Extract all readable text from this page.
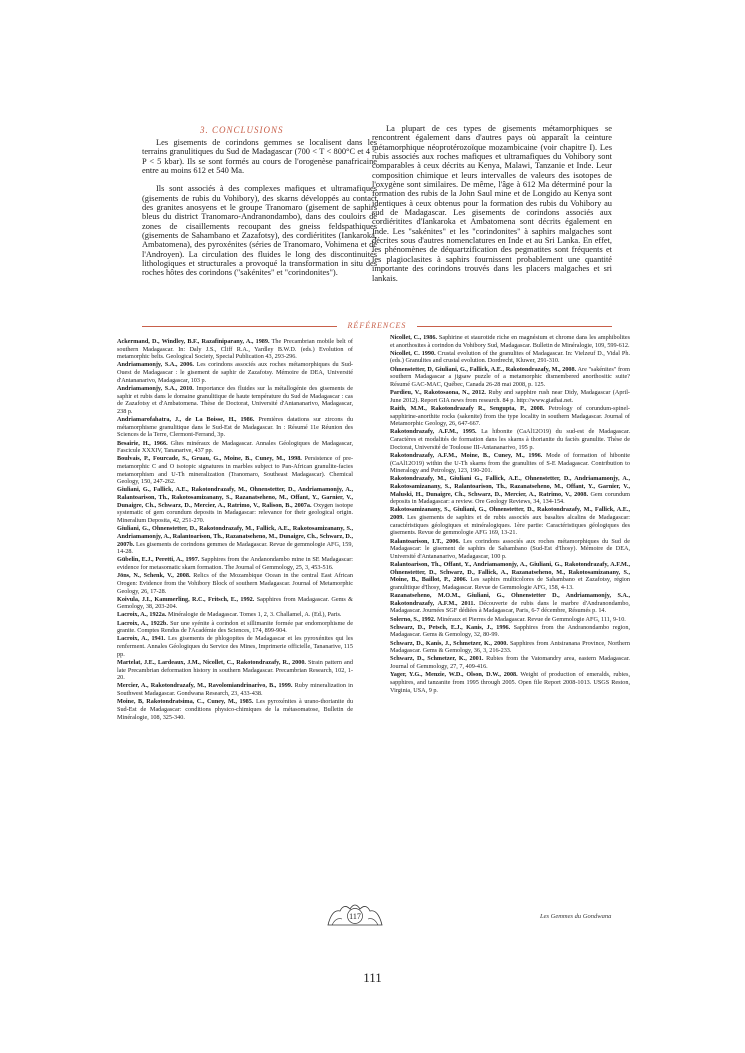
3. CONCLUSIONS

Les gisements de corindons gemmes se localisent dans les terrains granulitiques du Sud de Madagascar (700 < T < 800°C et 4 < P < 5 kbar). Ils se sont formés au cours de l'orogenèse panafricaine entre au moins 612 et 540 Ma.

Ils sont associés à des complexes mafiques et ultramafiques (gisements de rubis du Vohibory), des skarns développés au contact des granites anosyens et le groupe Tranomaro (gisement de saphirs bleus du district Tranomaro-Andranondambo), dans des couloirs de zones de cisaillements recoupant des gneiss feldspathiques (gisements de Sahambano et Zazafotsy), des cordiéritites (Iankaroka, Ambatomena), des pyroxénites (séries de Tranomaro, Vohimena et de l'Androyen). La circulation des fluides le long des discontinuités lithologiques et structurales a provoqué la transformation in situ des roches hôtes des corindons ("sakénites" et "corindonites").

La plupart de ces types de gisements métamorphiques se rencontrent également dans d'autres pays où apparaît la ceinture métamorphique néoprotérozoïque mozambicaine (voir chapitre I). Les rubis associés aux roches mafiques et ultramafiques du Vohibory sont comparables à ceux décrits au Kenya, Malawi, Tanzanie et Inde. Leur composition chimique et leurs intervalles de valeurs des isotopes de l'oxygène sont similaires. De même, l'âge à 612 Ma déterminé pour la formation des rubis de la John Saul mine et de Longido au Kenya sont identiques à ceux obtenus pour la formation des rubis du Vohibory au sud de Madagascar. Les gisements de corindons associés aux cordiéritites d'Iankaroka et Ambatomena sont décrits également en Inde. Les "sakénites" et les "corindonites" à saphirs malgaches sont décrites sous d'autres nomenclatures en Inde et au Sri Lanka. En effet, les phénomènes de déquartzification des pegmatites sont fréquents et les plagioclasites à saphirs fournissent probablement une quantité importante des corindons trouvés dans les placers malgaches et sri lankais.

RÉFÉRENCES
Ackermand, D., Windley, B.F., Razafiniparany, A., 1989. The Precambrian mobile belt of southern Madagascar. In: Daly J.S., Cliff R.A., Yardley B.W.D. (eds.) Evolution of metamorphic belts. Geological Society, Special Publication 43, 293-296.
Andriamamonjy, S.A., 2006. Les corindons associés aux roches métamorphiques du Sud-Ouest de Madagascar : le gisement de saphir de Zazafotsy. Mémoire de DEA, Université d'Antananarivo, Madagascar, 103 p.
Andriamamonjy, S.A., 2010. Importance des fluides sur la métallogénie des gisements de saphir et rubis dans le domaine granulitique de haute température du Sud de Madagascar : cas de Zazafotsy et d'Ambatomena. Thèse de Doctorat, Université d'Antananarivo, Madagascar, 238 p.
Andriamarofahatra, J., de La Boisse, H., 1986. Premières datations sur zircons du métamorphisme granulitique dans le Sud-Est de Madagascar. In : Résumé 11e Réunion des Sciences de la Terre, Clermont-Ferrand, 3p.
Besairie, H., 1966. Gîtes minéraux de Madagascar. Annales Géologiques de Madagascar, Fascicule XXXIV, Tananarive, 437 pp.
Boulvais, P., Fourcade, S., Gruau, G., Moine, B., Cuney, M., 1998. Persistence of pre-metamorphic C and O isotopic signatures in marbles subject to Pan-African granulite-facies metamorphism and U-Th mineralization (Tranomaro, Southeast Madagascar). Chemical Geology, 150, 247-262.
Giuliani, G., Fallick, A.E., Rakotondrazafy, M., Ohnenstetter, D., Andriamamonjy, A., Ralantoarison, Th., Rakotosamizanany, S., Razanatseheno, M., Offant, Y., Garnier, V., Dunaigre, Ch., Schwarz, D., Mercier, A., Ratrimo, V., Ralison, B., 2007a. Oxygen isotope systematic of gem corundum deposits in Madagascar: relevance for their geological origin. Mineralium Deposita, 42, 251-270.
Giuliani, G., Ohnenstetter, D., Rakotondrazafy, M., Fallick, A.E., Rakotosamizanany, S., Andriamamonjy, A., Ralantoarison, Th., Razanatseheno, M., Dunaigre, Ch., Schwarz, D., 2007b. Les gisements de corindons gemmes de Madagascar. Revue de gemmologie AFG, 159, 14-28.
Gübelin, E.J., Peretti, A., 1997. Sapphires from the Andanondambo mine in SE Madagascar: evidence for metasomatic skarn formation. The Journal of Gemmology, 25, 3, 453-516.
Jöns, N., Schenk, V., 2008. Relics of the Mozambique Ocean in the central East African Orogen: Evidence from the Vohibory Block of southern Madagascar. Journal of Metamorphic Geology, 26, 17-28.
Koivula, J.I., Kammerling, R.C., Fritsch, E., 1992. Sapphires from Madagascar. Gems & Gemology, 38, 203-204.
Lacroix, A., 1922a. Minéralogie de Madagascar. Tomes 1, 2, 3. Challamel, A. (Ed.), Paris.
Lacroix, A., 1922b. Sur une syénite à corindon et sillimanite formée par endomorphisme de granite. Comptes Rendus de l'Académie des Sciences, 174, 899-904.
Lacroix, A., 1941. Les gisements de phlogopites de Madagascar et les pyroxénites qui les renferment. Annales Géologiques du Service des Mines, Imprimerie officielle, Tananarive, 115 pp.
Martelat, J.E., Lardeaux, J.M., Nicollet, C., Rakotondrazafy, R., 2000. Strain pattern and late Precambrian deformation history in southern Madagascar. Precambrian Research, 102, 1-20.
Mercier, A., Rakotondrazafy, M., Ravolomiandrinarivo, B., 1999. Ruby mineralization in Southwest Madagascar. Gondwana Research, 23, 433-438.
Moine, B, Rakotondratsima, C., Cuney, M., 1985. Les pyroxénites à urano-thorianite du Sud-Est de Madagascar: conditions physico-chimiques de la métasomatose, Bulletin de Minéralogie, 108, 325-340.
Nicollet, C., 1986. Saphirine et staurotide riche en magnésium et chrome dans les amphibolites et anorthosites à corindon du Vohibory Sud, Madagascar. Bulletin de Minéralogie, 109, 599-612.
Nicollet, C. 1990. Crustal evolution of the granulites of Madagascar. In: Vielzeuf D., Vidal Ph. (eds.) Granulites and crustal evolution. Dordrecht, Kluwer, 291-310.
Ohnenstetter, D, Giuliani, G., Fallick, A.E., Rakotondrazafy, M., 2008. Are "sakénites" from southern Madagascar a jigsaw puzzle of a metamorphic dismembered anorthositic suite? Résumé GAC-MAC, Québec, Canada 26-28 mai 2008, p. 125.
Pardieu, V., Rakotosaona, N., 2012. Ruby and sapphire rush near Didy, Madagascar (April-June 2012). Report GIA news from research. 84 p. http://www.giathai.net.
Raith, M.M., Rakotondrazafy R., Sengupta, P., 2008. Petrology of corundum-spinel-sapphirine-anorthite rocks (sakenite) from the type locality in southern Madagascar. Journal of Metamorphic Geology, 26, 647-667.
Rakotondrazafy, A.F.M., 1995. La hibonite (CaAl12O19) du sud-est de Madagascar. Caractères et modalités de formation dans les skarns à thorianite du faciès granulite. Thèse de Doctorat, Université de Toulouse III-Antananarivo, 195 p.
Rakotondrazafy, A.F.M., Moine, B., Cuney, M., 1996. Mode of formation of hibonite (CaAl12O19) within the U-Th skarns from the granulites of S-E Madagascar. Contribution to Mineralogy and Petrology, 123, 190-201.
Rakotondrazafy, M., Giuliani G., Fallick, A.E., Ohnenstetter, D., Andriamamonjy, A., Rakotosamizanany, S., Ralantoarison, Th., Razanatseheno, M., Offant, Y., Garnier, V., Maluski, H., Dunaigre, Ch., Schwarz, D., Mercier, A., Ratrimo, V., 2008. Gem corundum deposits in Madagascar: a review. Ore Geology Reviews, 34, 134-154.
Rakotosamizanany, S., Giuliani, G., Ohnenstetter, D., Rakotondrazafy, M., Fallick, A.E., 2009. Les gisements de saphirs et de rubis associés aux basaltes alcalins de Madagascar: caractéristiques géologiques et minéralogiques. 1ère partie: Caractéristiques géologiques des gisements. Revue de gemmologie AFG 169, 13-21.
Ralantoarison, I.T., 2006. Les corindons associés aux roches métamorphiques du Sud de Madagascar: le gisement de saphirs de Sahambano (Sud-Est d'Ihosy). Mémoire de DEA, Université d'Antananarivo, Madagascar, 100 p.
Ralantoarison, Th., Offant, Y., Andriamamonjy, A., Giuliani, G., Rakotondrazafy, A.F.M., Ohnenstetter, D., Schwarz, D., Fallick, A., Razanatseheno, M., Rakotosamizanany, S., Moine, B., Baillot, P., 2006. Les saphirs multicolores de Sahambano et Zazafotsy, région granulitique d'Ihosy, Madagascar. Revue de Gemmologie AFG, 158, 4-13.
Razanatseheno, M.O.M., Giuliani, G., Ohnenstetter D., Andriamamonjy, S.A., Rakotondrazafy, A.F.M., 2011. Découverte de rubis dans le marbre d'Andranondambo, Madagascar. Journées SGF dédiées à Madagascar, Paris, 6-7 décembre, Résumés p. 14.
Solerno, S., 1992. Minéraux et Pierres de Madagascar. Revue de Gemmologie AFG, 111, 9-10.
Schwarz, D., Petsch, E.J., Kanis, J., 1996. Sapphires from the Andranondambo region, Madagascar. Gems & Gemology, 32, 80-99.
Schwarz, D., Kanis, J., Schmetzer, K., 2000. Sapphires from Antsiranana Province, Northern Madagascar. Gems & Gemology, 36, 3, 216-233.
Schwarz, D., Schmetzer, K., 2001. Rubies from the Vatomandry area, eastern Madagascar. Journal of Gemmology, 27, 7, 409-416.
Yager, Y.G., Menzie, W.D., Olson, D.W., 2008. Weight of production of emeralds, rubies, sapphires, and tanzanite from 1995 through 2005. Open file Report 2008-1013. USGS Reston, Virginia, USA, 9 p.
117	Les Gemmes du Gondwana
111
